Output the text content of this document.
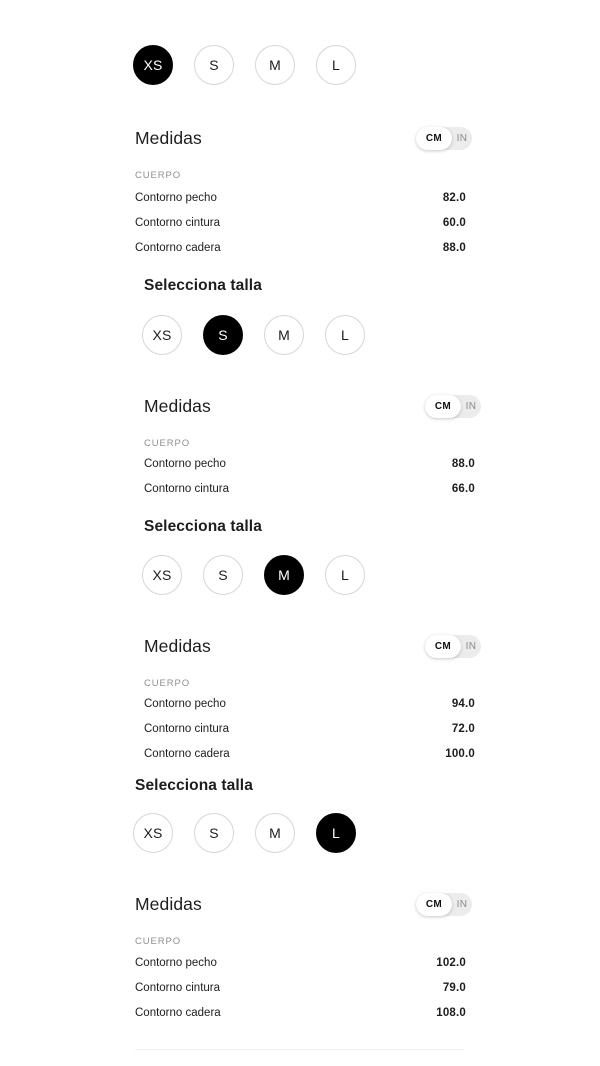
XS	S	M	L
Medidas	CM	IN
CUERPO
Contorno pecho	82.0
Contorno cintura	60.0
Contorno cadera	88.0
Selecciona talla
XS	S	M	L
Medidas	CM	IN
CUERPO
Contorno pecho	88.0
Contorno cintura	66.0
Selecciona talla
XS	S	M	L
Medidas	CM	IN
CUERPO
Contorno pecho	94.0
Contorno cintura	72.0
Contorno cadera	100.0
Selecciona talla
XS	S	M	L
Medidas	CM	IN
CUERPO
Contorno pecho	102.0
Contorno cintura	79.0
Contorno cadera	108.0
